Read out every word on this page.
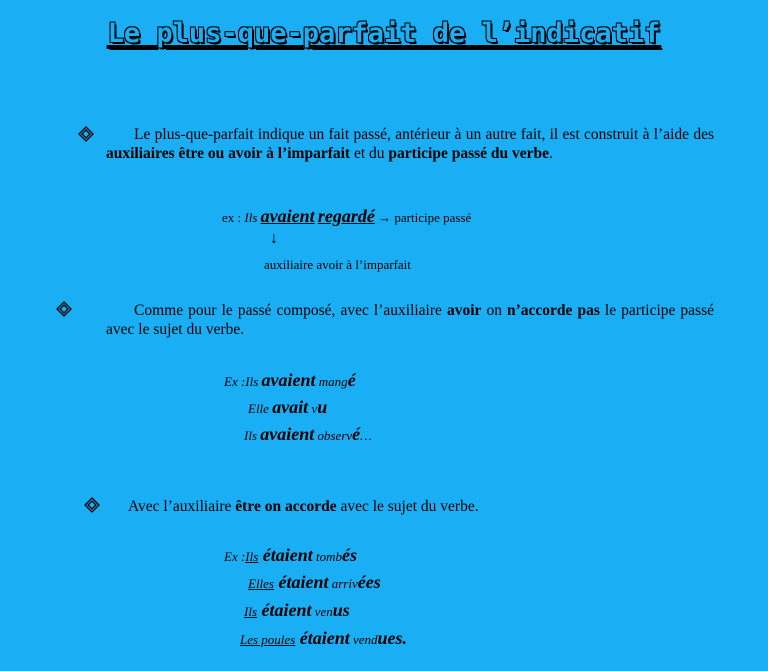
Le plus-que-parfait de l’indicatif
Le plus-que-parfait indique un fait passé, antérieur à un autre fait, il est construit à l’aide des auxiliaires être ou avoir à l’imparfait et du participe passé du verbe.
ex : Ils avaient regardé → participe passé
↓
auxiliaire avoir à l’imparfait
Comme pour le passé composé, avec l’auxiliaire avoir on n’accorde pas le participe passé avec le sujet du verbe.
Ex :Ils avaient mangé
Elle avait vu
Ils avaient observé…
Avec l’auxiliaire être on accorde avec le sujet du verbe.
Ex :Ils étaient tombés
Elles étaient arrivées
Ils étaient venus
Les poules étaient vendues.
